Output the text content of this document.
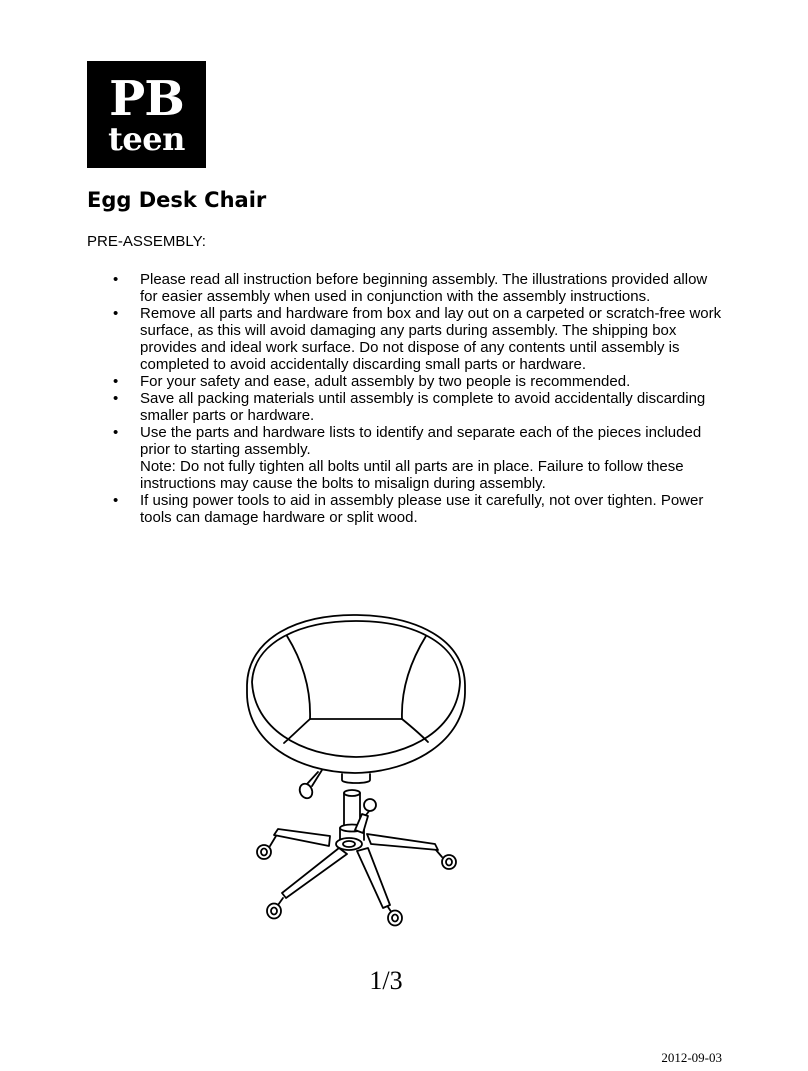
PB
teen
Egg Desk Chair

PRE-ASSEMBLY:

• Please read all instruction before beginning assembly. The illustrations provided allow for easier assembly when used in conjunction with the assembly instructions.
• Remove all parts and hardware from box and lay out on a carpeted or scratch-free work surface, as this will avoid damaging any parts during assembly. The shipping box provides and ideal work surface. Do not dispose of any contents until assembly is completed to avoid accidentally discarding small parts or hardware.
• For your safety and ease, adult assembly by two people is recommended.
• Save all packing materials until assembly is complete to avoid accidentally discarding smaller parts or hardware.
• Use the parts and hardware lists to identify and separate each of the pieces included prior to starting assembly.
Note: Do not fully tighten all bolts until all parts are in place. Failure to follow these instructions may cause the bolts to misalign during assembly.
• If using power tools to aid in assembly please use it carefully, not over tighten. Power tools can damage hardware or split wood.
1/3
2012-09-03
